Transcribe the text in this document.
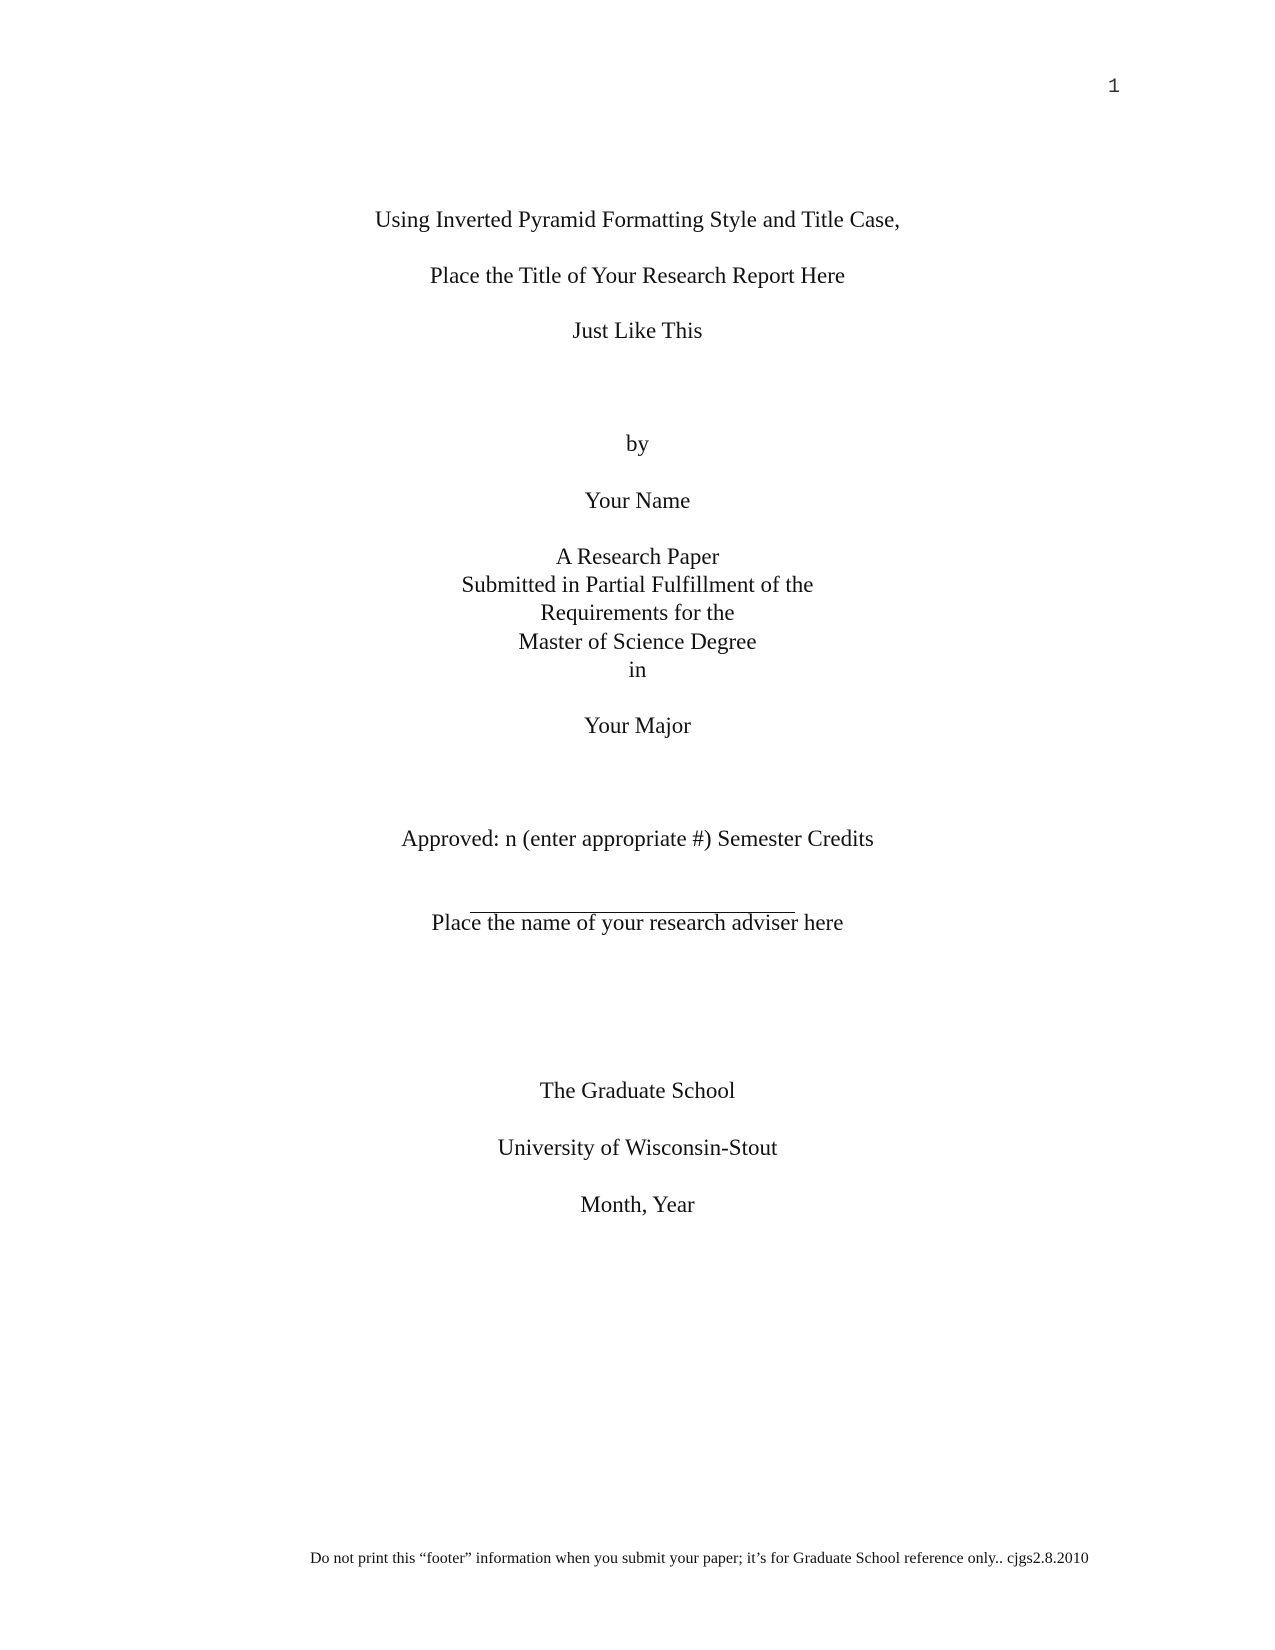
1
Using Inverted Pyramid Formatting Style and Title Case,
Place the Title of Your Research Report Here
Just Like This
by
Your Name
A Research Paper
Submitted in Partial Fulfillment of the
Requirements for the
Master of Science Degree
in
Your Major
Approved: n (enter appropriate #) Semester Credits
Place the name of your research adviser here
The Graduate School
University of Wisconsin-Stout
Month, Year
Do not print this “footer” information when you submit your paper; it’s for Graduate School reference only.. cjgs2.8.2010
